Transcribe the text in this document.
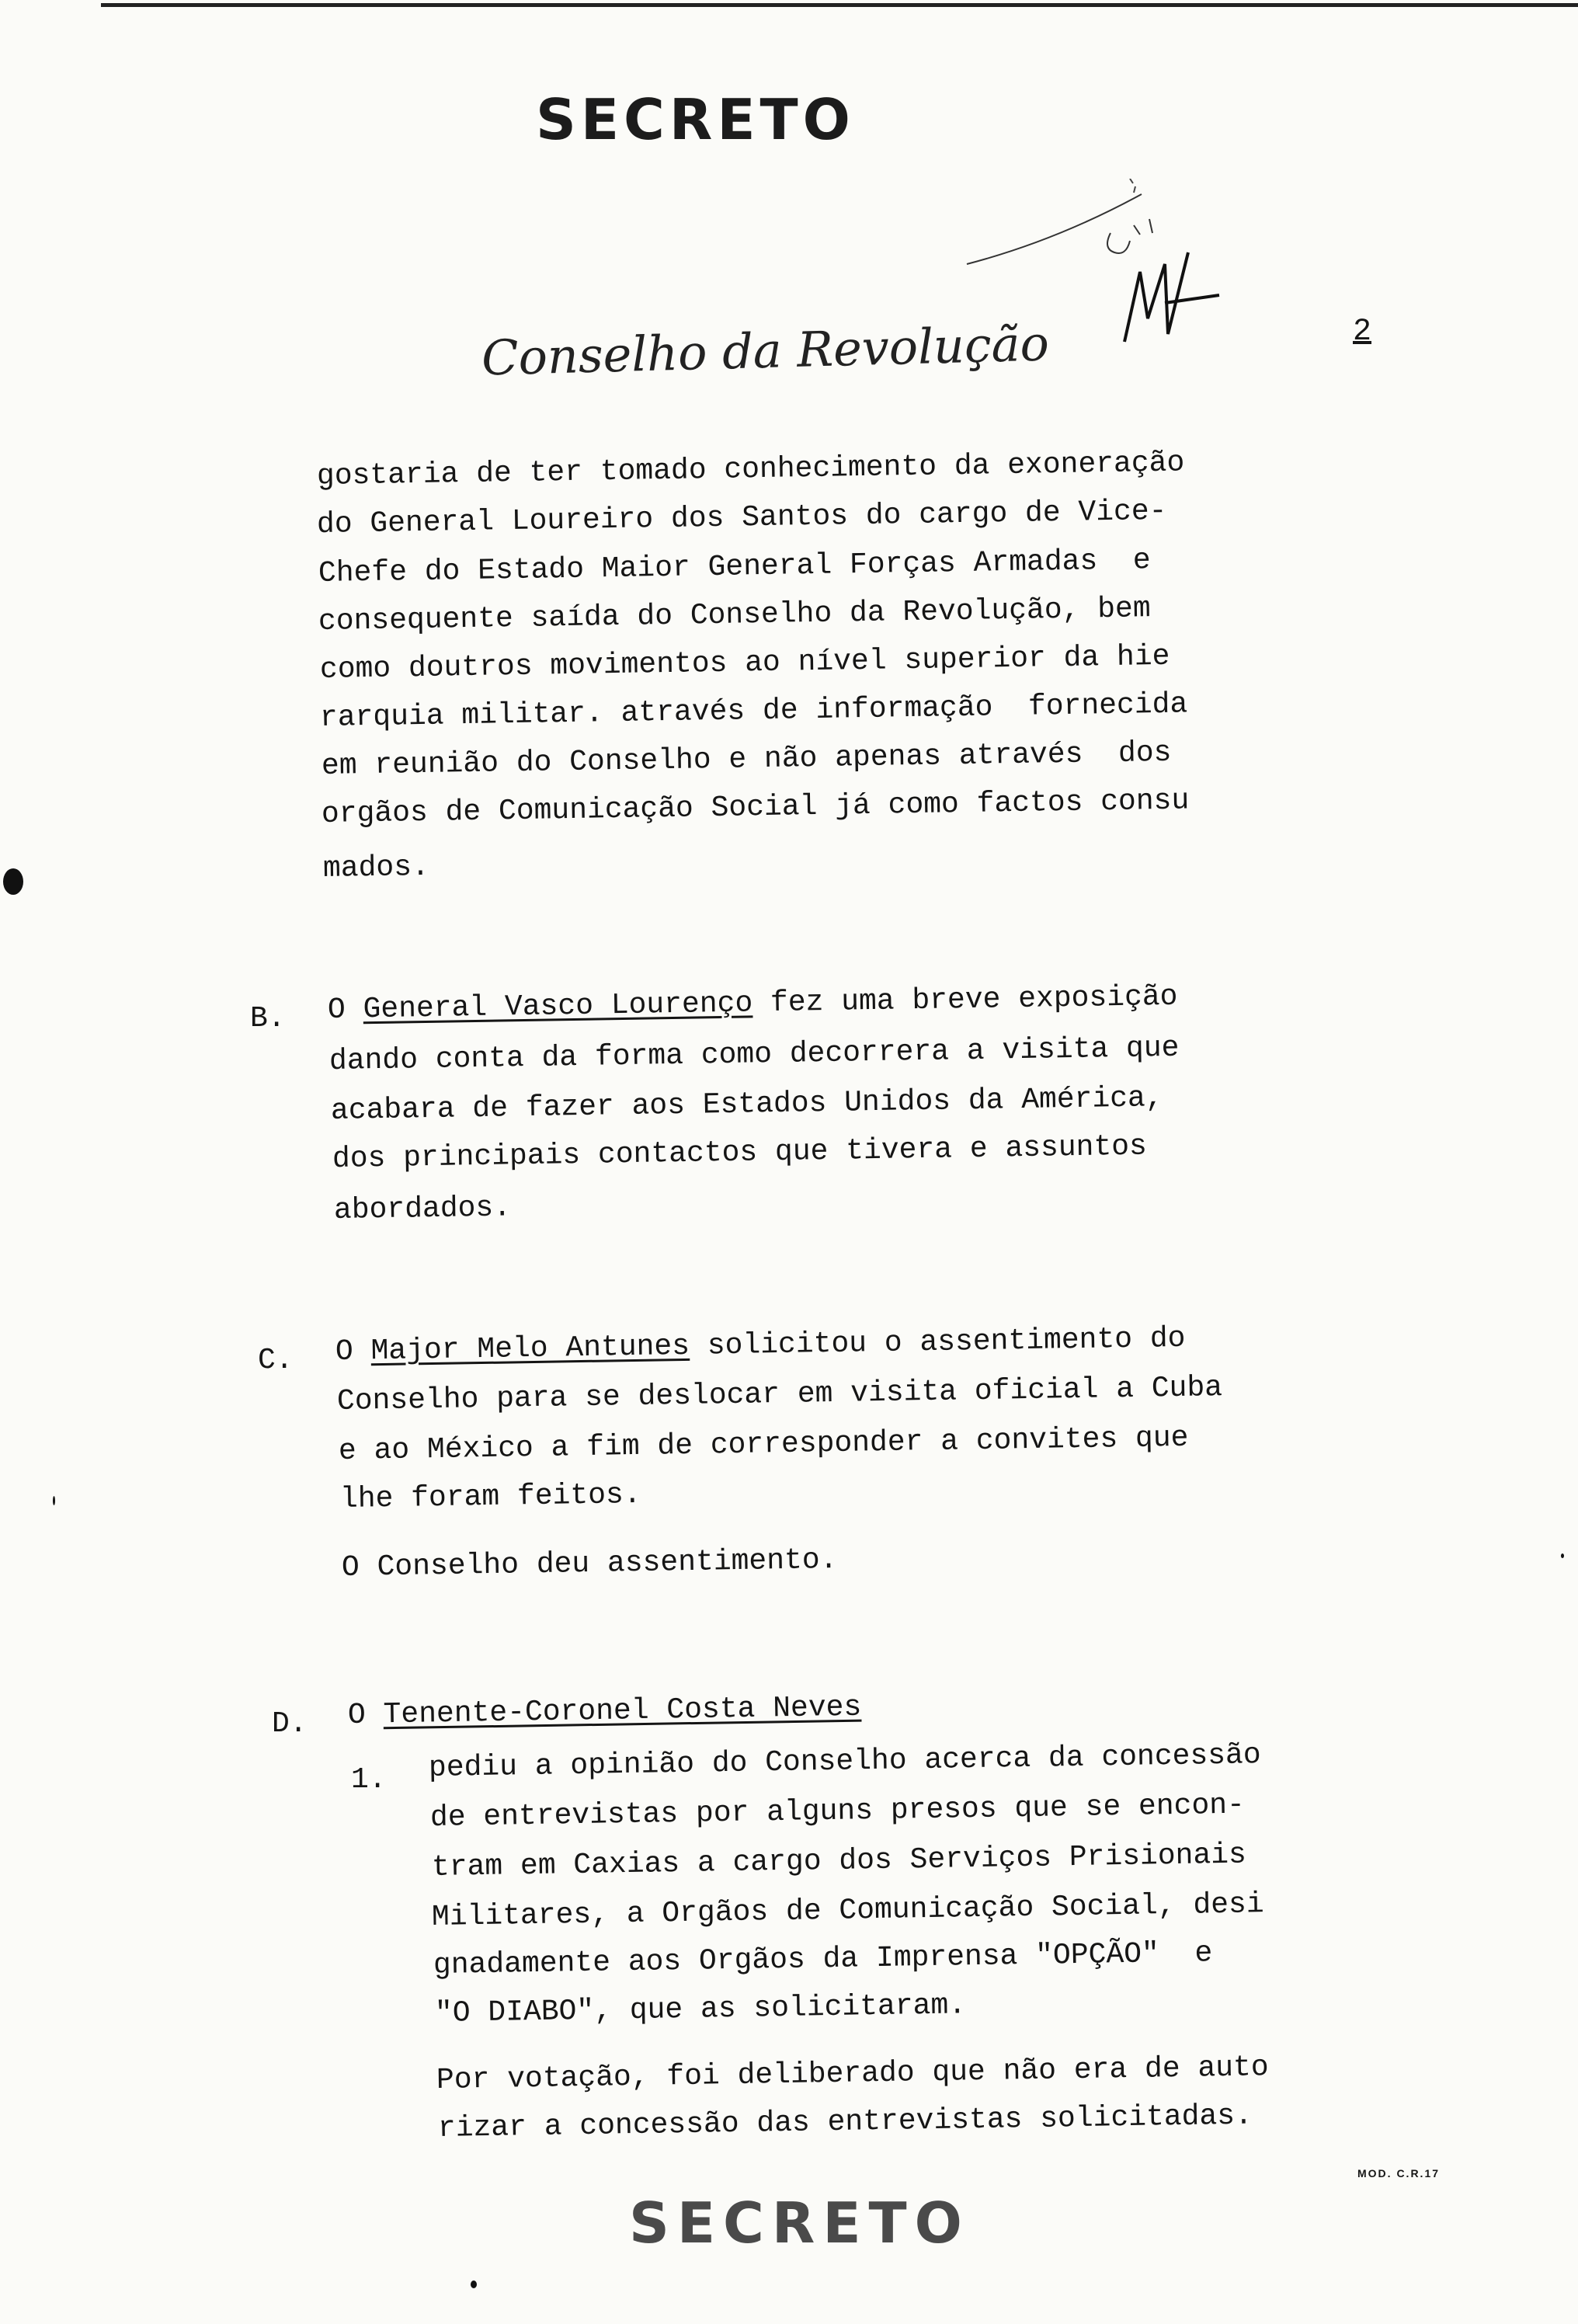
SECRETO
Conselho da Revolução	2
gostaria de ter tomado conhecimento da exoneração
do General Loureiro dos Santos do cargo de Vice-
Chefe do Estado Maior General Forças Armadas  e
consequente saída do Conselho da Revolução, bem
como doutros movimentos ao nível superior da hie
rarquia militar. através de informação  fornecida
em reunião do Conselho e não apenas através  dos
orgãos de Comunicação Social já como factos consu
mados.
B. O General Vasco Lourenço fez uma breve exposição
dando conta da forma como decorrera a visita que
acabara de fazer aos Estados Unidos da América,
dos principais contactos que tivera e assuntos
abordados.
C. O Major Melo Antunes solicitou o assentimento do
Conselho para se deslocar em visita oficial a Cuba
e ao México a fim de corresponder a convites que
lhe foram feitos.
O Conselho deu assentimento.
D. O Tenente-Coronel Costa Neves
1. pediu a opinião do Conselho acerca da concessão
de entrevistas por alguns presos que se encon-
tram em Caxias a cargo dos Serviços Prisionais
Militares, a Orgãos de Comunicação Social, desi
gnadamente aos Orgãos da Imprensa "OPÇÃO"  e
"O DIABO", que as solicitaram.
Por votação, foi deliberado que não era de auto
rizar a concessão das entrevistas solicitadas.
MOD. C.R.17
SECRETO
